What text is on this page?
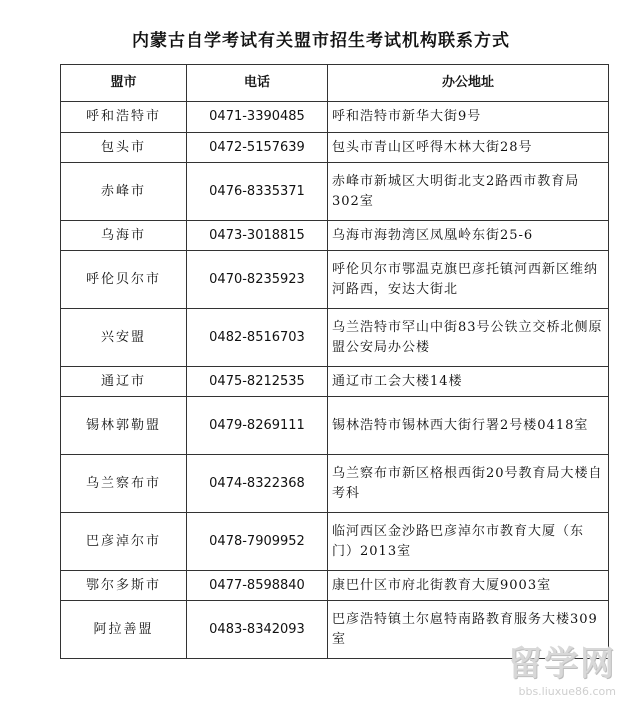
内蒙古自学考试有关盟市招生考试机构联系方式
盟市	电话	办公地址
呼和浩特市	0471-3390485	呼和浩特市新华大街9号
包头市	0472-5157639	包头市青山区呼得木林大街28号
赤峰市	0476-8335371	赤峰市新城区大明街北支2路西市教育局302室
乌海市	0473-3018815	乌海市海勃湾区凤凰岭东街25-6
呼伦贝尔市	0470-8235923	呼伦贝尔市鄂温克旗巴彦托镇河西新区维纳河路西，安达大街北
兴安盟	0482-8516703	乌兰浩特市罕山中街83号公铁立交桥北侧原盟公安局办公楼
通辽市	0475-8212535	通辽市工会大楼14楼
锡林郭勒盟	0479-8269111	锡林浩特市锡林西大街行署2号楼0418室
乌兰察布市	0474-8322368	乌兰察布市新区格根西街20号教育局大楼自考科
巴彦淖尔市	0478-7909952	临河西区金沙路巴彦淖尔市教育大厦（东门）2013室
鄂尔多斯市	0477-8598840	康巴什区市府北街教育大厦9003室
阿拉善盟	0483-8342093	巴彦浩特镇土尔扈特南路教育服务大楼309室
留学网
bbs.liuxue86.com
